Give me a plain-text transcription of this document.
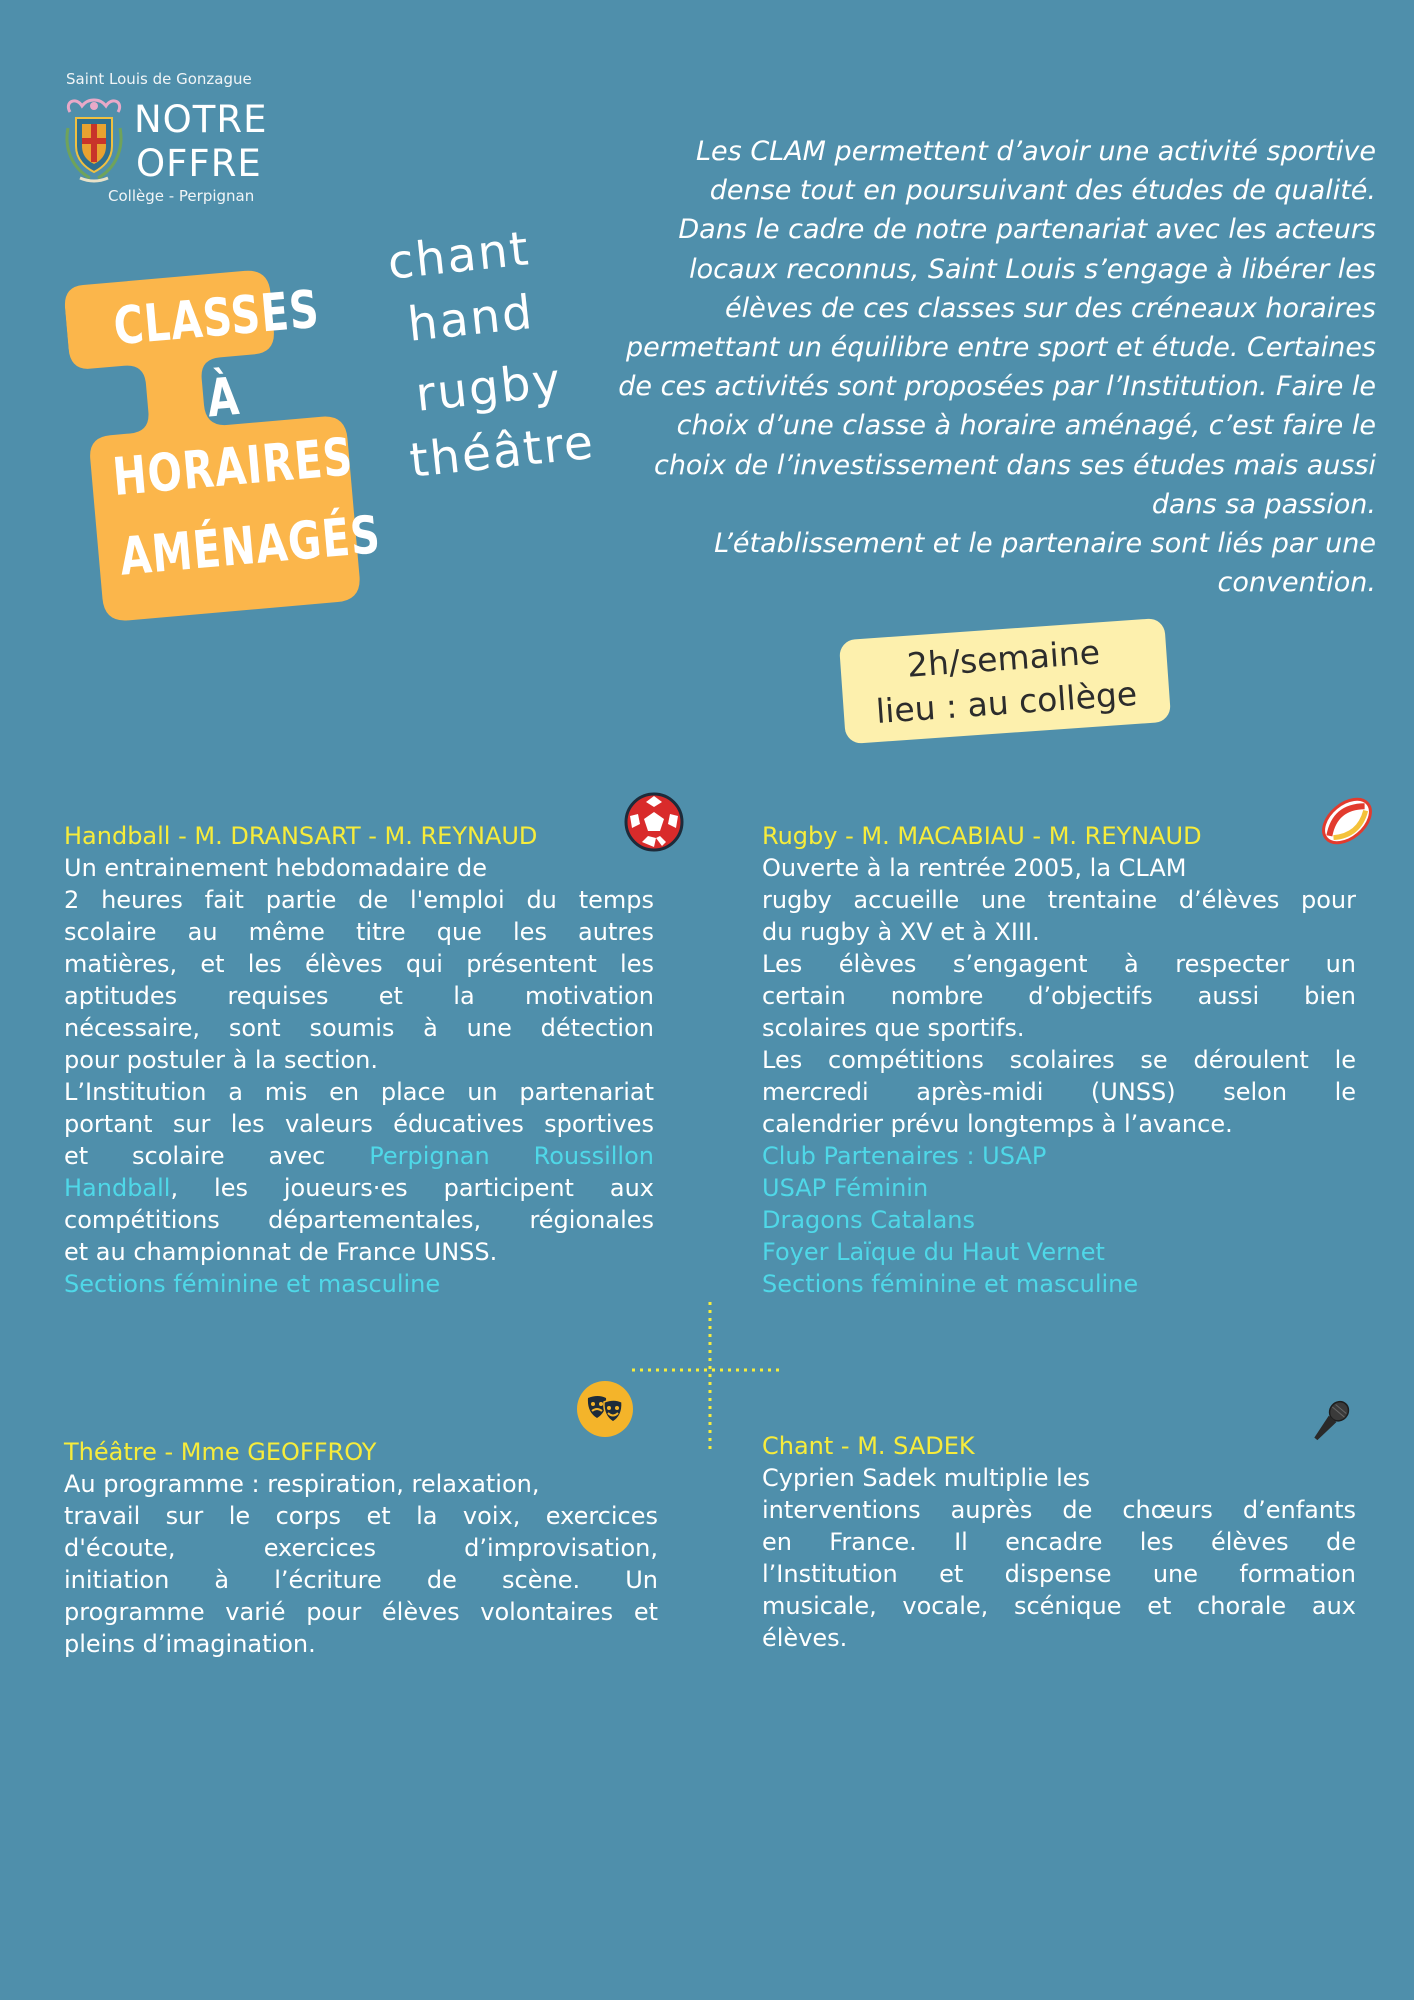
Saint Louis de Gonzague
NOTRE
OFFRE
Collège - Perpignan
CLASSES
À
HORAIRES
AMÉNAGÉS
chant
hand
rugby
théâtre

Les CLAM permettent d’avoir une activité sportive

dense tout en poursuivant des études de qualité.

Dans le cadre de notre partenariat avec les acteurs

locaux reconnus, Saint Louis s’engage à libérer les

élèves de ces classes sur des créneaux horaires

permettant un équilibre entre sport et étude. Certaines

de ces activités sont proposées par l’Institution. Faire le

choix d’une classe à horaire aménagé, c’est faire le

choix de l’investissement dans ses études mais aussi

dans sa passion.

L’établissement et le partenaire sont liés par une

convention.

2h/semaine
lieu : au collège
Handball - M. DRANSART - M. REYNAUD
Un entrainement hebdomadaire de
2 heures fait partie de l'emploi du temps
scolaire au même titre que les autres
matières, et les élèves qui présentent les
aptitudes requises et la motivation
nécessaire, sont soumis à une détection
pour postuler à la section.
L’Institution a mis en place un partenariat
portant sur les valeurs éducatives sportives
et scolaire avec Perpignan Roussillon
Handball, les joueurs·es participent aux
compétitions départementales, régionales
et au championnat de France UNSS.
Sections féminine et masculine
Rugby - M. MACABIAU - M. REYNAUD
Ouverte à la rentrée 2005, la CLAM
rugby accueille une trentaine d’élèves pour
du rugby à XV et à XIII.
Les élèves s’engagent à respecter un
certain nombre d’objectifs aussi bien
scolaires que sportifs.
Les compétitions scolaires se déroulent le
mercredi après-midi (UNSS) selon le
calendrier prévu longtemps à l’avance.
Club Partenaires : USAP
USAP Féminin
Dragons Catalans
Foyer Laïque du Haut Vernet
Sections féminine et masculine
Théâtre - Mme GEOFFROY
Au programme : respiration, relaxation,
travail sur le corps et la voix, exercices
d'écoute, exercices d’improvisation,
initiation à l’écriture de scène. Un
programme varié pour élèves volontaires et
pleins d’imagination.
Chant - M. SADEK
Cyprien Sadek multiplie les
interventions auprès de chœurs d’enfants
en France. Il encadre les élèves de
l’Institution et dispense une formation
musicale, vocale, scénique et chorale aux
élèves.
